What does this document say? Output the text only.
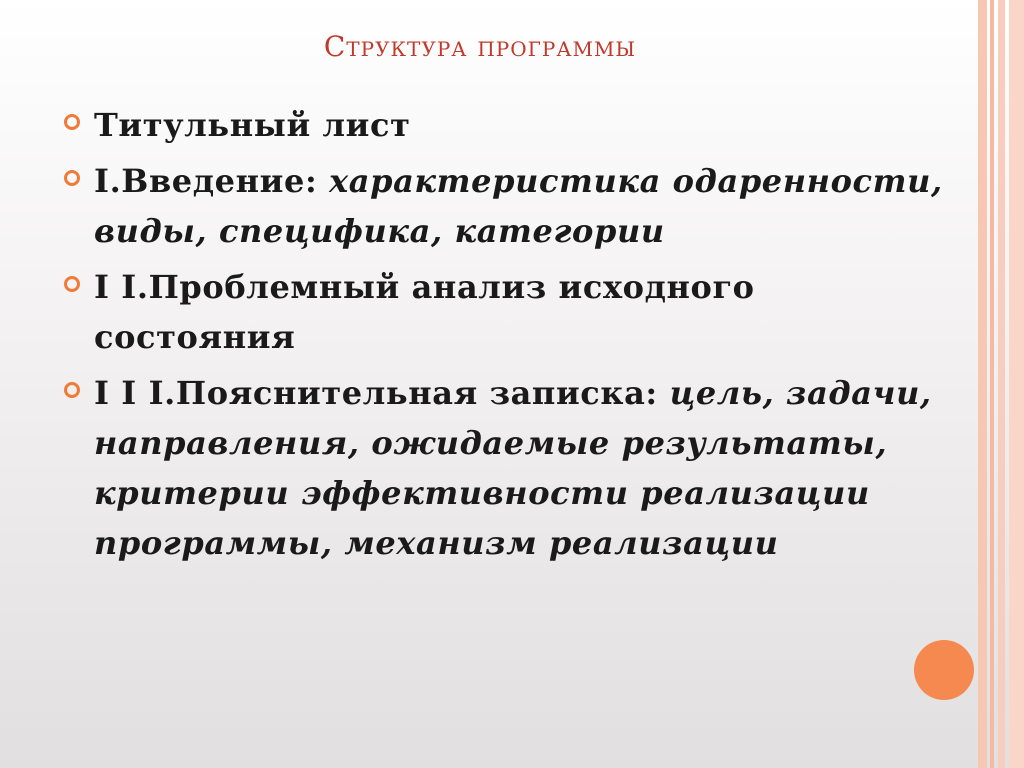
Структура программы
Титульный лист
I.Введение: характеристика одаренности, виды, специфика, категории
I I.Проблемный анализ исходного состояния
I I I.Пояснительная записка: цель, задачи, направления, ожидаемые результаты, критерии эффективности реализации программы, механизм реализации
